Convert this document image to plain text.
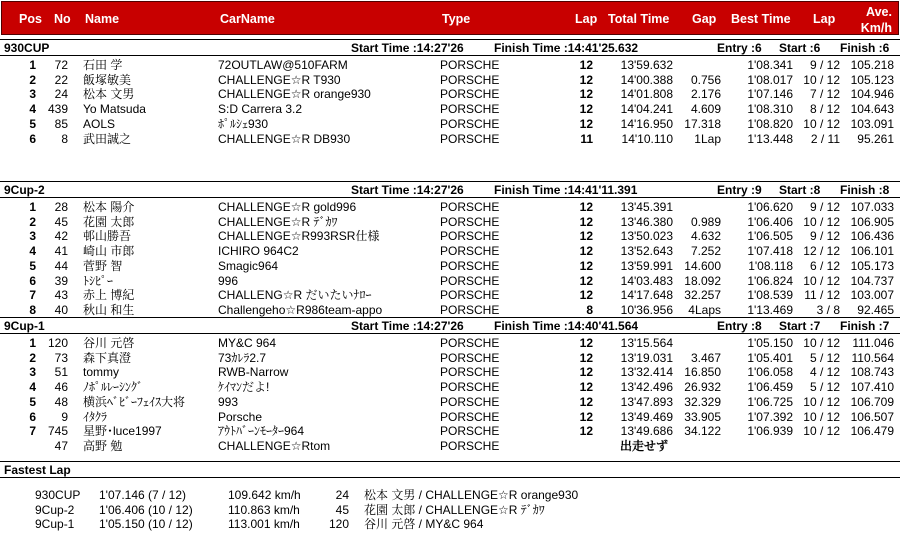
Pos No Name	CarName	Type	Lap Total Time Gap Best Time Lap	Ave.
Km/h
930CUP	Start Time :14:27'26	Finish Time :14:41'25.632	Entry :6 Start :6 Finish :6
1 72 石田 学	72OUTLAW@510FARM	PORSCHE	12 13'59.632	1'08.341 9 / 12 105.218
2 22 飯塚敏美	CHALLENGE☆R T930	PORSCHE	12 14'00.388 0.756 1'08.017 10 / 12 105.123
3 24 松本 文男	CHALLENGE☆R orange930	PORSCHE	12 14'01.808 2.176 1'07.146 7 / 12 104.946
4 439 Yo Matsuda	S:D Carrera 3.2	PORSCHE	12 14'04.241 4.609 1'08.310 8 / 12 104.643
5 85 AOLS	ﾎﾟﾙｼｪ930	PORSCHE	12 14'16.950 17.318 1'08.820 10 / 12 103.091
6 8 武田誠之	CHALLENGE☆R DB930	PORSCHE	11 14'10.110 1Lap 1'13.448 2 / 11 95.261
9Cup-2	Start Time :14:27'26	Finish Time :14:41'11.391	Entry :9 Start :8 Finish :8
1 28 松本 陽介	CHALLENGE☆R gold996	PORSCHE	12 13'45.391	1'06.620 9 / 12 107.033
2 45 花園 太郎	CHALLENGE☆R ﾃﾞｶﾜ	PORSCHE	12 13'46.380 0.989 1'06.406 10 / 12 106.905
3 42 邨山勝吾	CHALLENGE☆R993RSR仕様	PORSCHE	12 13'50.023 4.632 1'06.505 9 / 12 106.436
4 41 崎山 市郎	ICHIRO 964C2	PORSCHE	12 13'52.643 7.252 1'07.418 12 / 12 106.101
5 44 菅野 智	Smagic964	PORSCHE	12 13'59.991 14.600 1'08.118 6 / 12 105.173
6 39 ﾄｼﾋﾟｰ	996	PORSCHE	12 14'03.483 18.092 1'06.824 10 / 12 104.737
7 43 赤上 博紀	CHALLENG☆R だいたいﾅﾛｰ	PORSCHE	12 14'17.648 32.257 1'08.539 11 / 12 103.007
8 40 秋山 和生	Challengeho☆R986team-appo	PORSCHE	8 10'36.956 4Laps 1'13.469 3 / 8 92.465
9Cup-1	Start Time :14:27'26	Finish Time :14:40'41.564	Entry :8 Start :7 Finish :7
1 120 谷川 元啓	MY&C 964	PORSCHE	12 13'15.564	1'05.150 10 / 12 111.046
2 73 森下真澄	73ｶﾚﾗ2.7	PORSCHE	12 13'19.031 3.467 1'05.401 5 / 12 110.564
3 51 tommy	RWB-Narrow	PORSCHE	12 13'32.414 16.850 1'06.058 4 / 12 108.743
4 46 ﾉﾎﾟﾙﾚｰｼﾝｸﾞ	ｹｲﾏﾝだよ!	PORSCHE	12 13'42.496 26.932 1'06.459 5 / 12 107.410
5 48 横浜ﾍﾞﾋﾞｰﾌｪｲｽ大将	993	PORSCHE	12 13'47.893 32.329 1'06.725 10 / 12 106.709
6 9 ｲﾀｸﾗ	Porsche	PORSCHE	12 13'49.469 33.905 1'07.392 10 / 12 106.507
7 745 星野･luce1997	ｱｳﾄﾊﾞｰﾝﾓｰﾀｰ964	PORSCHE	12 13'49.686 34.122 1'06.939 10 / 12 106.479
47 高野 勉	CHALLENGE☆Rtom	PORSCHE	出走せず
Fastest Lap
930CUP 1'07.146 (7 / 12)	109.642 km/h	24 松本 文男 / CHALLENGE☆R orange930
9Cup-2 1'06.406 (10 / 12)	110.863 km/h	45 花園 太郎 / CHALLENGE☆R ﾃﾞｶﾜ
9Cup-1 1'05.150 (10 / 12)	113.001 km/h 120 谷川 元啓 / MY&C 964
